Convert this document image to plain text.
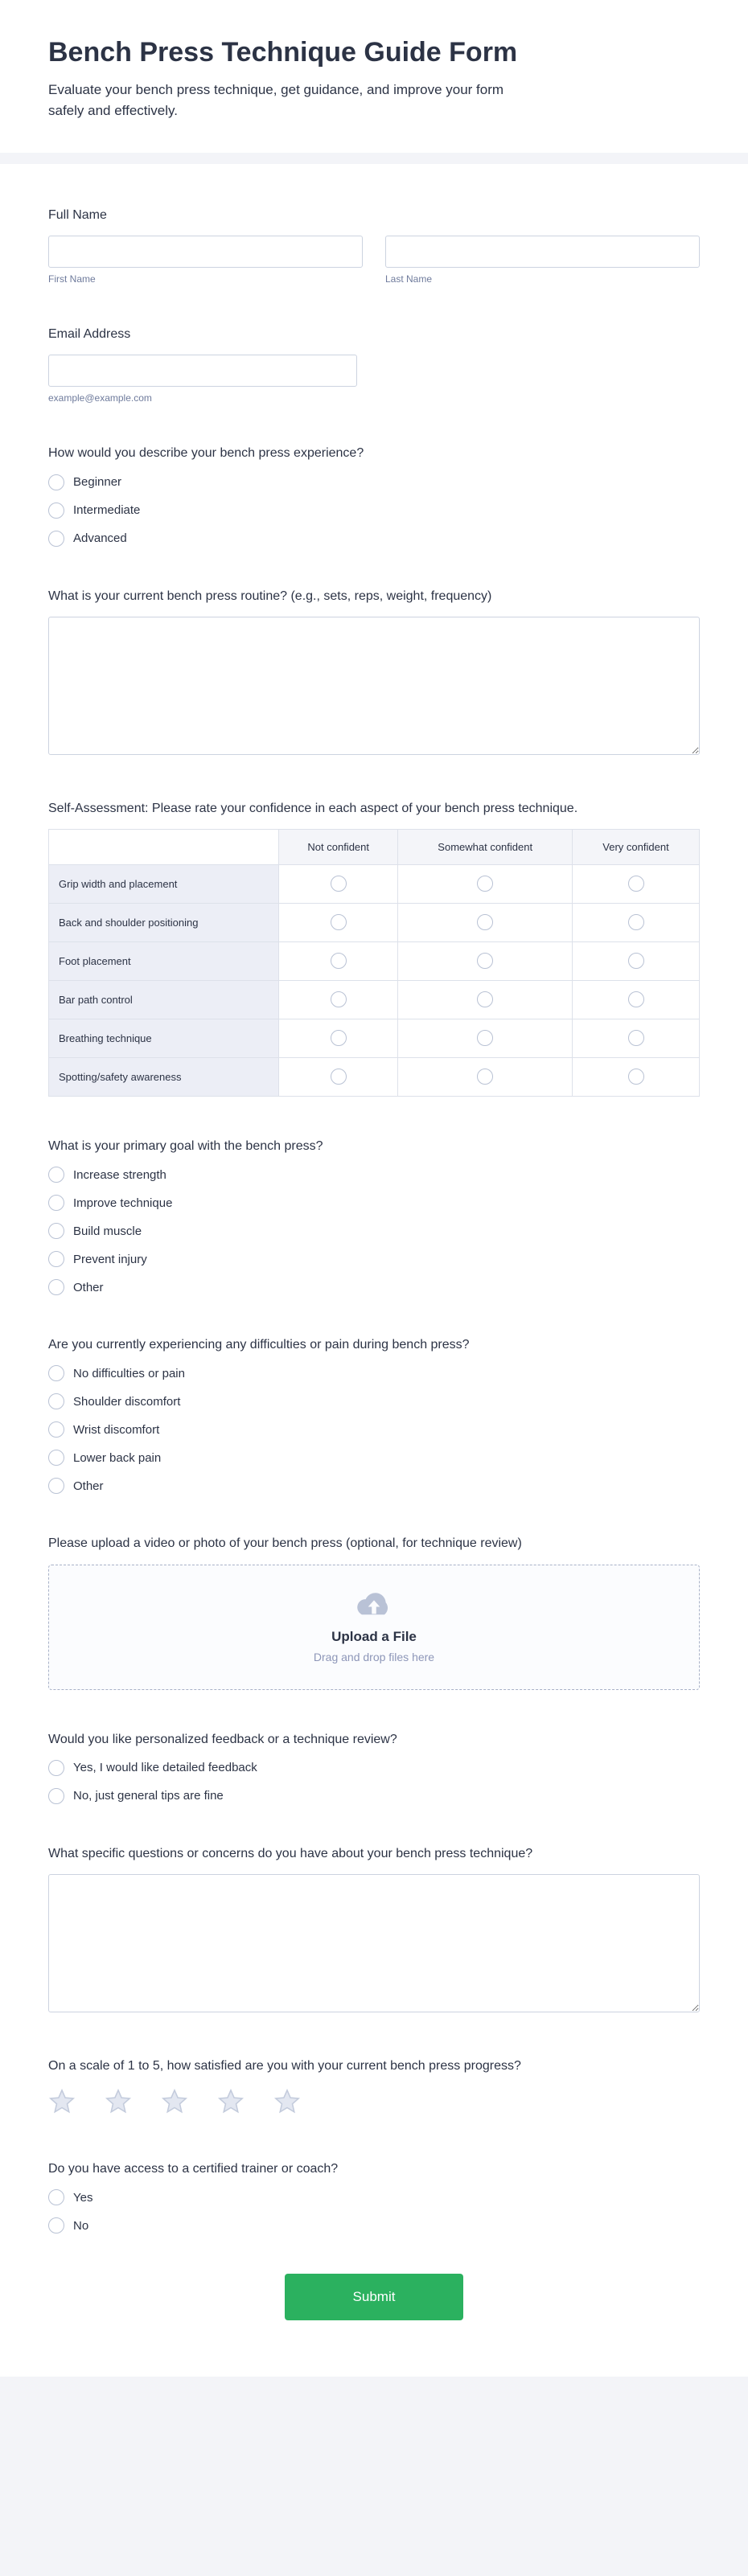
Bench Press Technique Guide Form
Evaluate your bench press technique, get guidance, and improve your form safely and effectively.
Full Name
First Name	Last Name
Email Address
example@example.com
How would you describe your bench press experience?
Beginner
Intermediate
Advanced
What is your current bench press routine? (e.g., sets, reps, weight, frequency)
Self-Assessment: Please rate your confidence in each aspect of your bench press technique.
	Not confident	Somewhat confident	Very confident
Grip width and placement			
Back and shoulder positioning			
Foot placement			
Bar path control			
Breathing technique			
Spotting/safety awareness			
What is your primary goal with the bench press?
Increase strength
Improve technique
Build muscle
Prevent injury
Other
Are you currently experiencing any difficulties or pain during bench press?
No difficulties or pain
Shoulder discomfort
Wrist discomfort
Lower back pain
Other
Please upload a video or photo of your bench press (optional, for technique review)
Upload a File
Drag and drop files here
Would you like personalized feedback or a technique review?
Yes, I would like detailed feedback
No, just general tips are fine
What specific questions or concerns do you have about your bench press technique?
On a scale of 1 to 5, how satisfied are you with your current bench press progress?
Do you have access to a certified trainer or coach?
Yes
No
Submit
